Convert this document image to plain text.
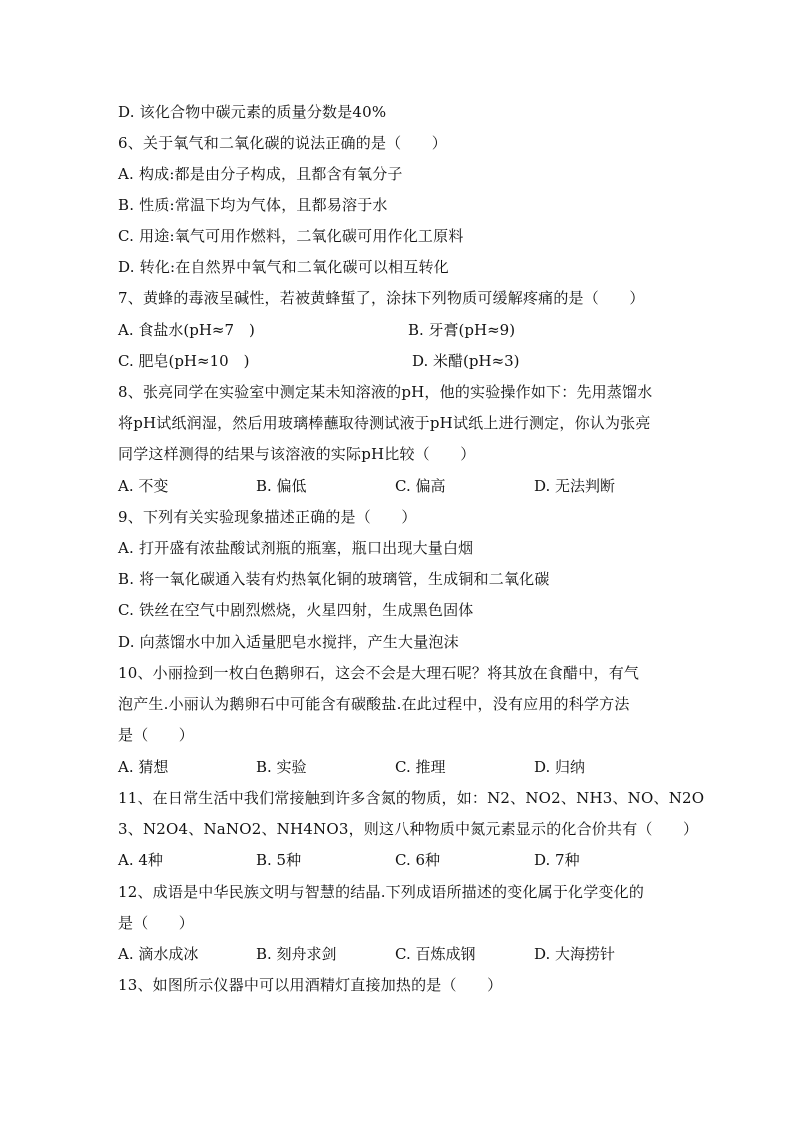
D. 该化合物中碳元素的质量分数是40%
6、关于氧气和二氧化碳的说法正确的是（　　）
A. 构成:都是由分子构成，且都含有氧分子
B. 性质:常温下均为气体，且都易溶于水
C. 用途:氧气可用作燃料，二氧化碳可用作化工原料
D. 转化:在自然界中氧气和二氧化碳可以相互转化
7、黄蜂的毒液呈碱性，若被黄蜂蜇了，涂抹下列物质可缓解疼痛的是（　　）
A. 食盐水(pH≈7　)	B. 牙膏(pH≈9)
C. 肥皂(pH≈10　)	D. 米醋(pH≈3)
8、张亮同学在实验室中测定某未知溶液的pH，他的实验操作如下：先用蒸馏水
将pH试纸润湿，然后用玻璃棒蘸取待测试液于pH试纸上进行测定，你认为张亮
同学这样测得的结果与该溶液的实际pH比较（　　）
A. 不变	B. 偏低	C. 偏高	D. 无法判断
9、下列有关实验现象描述正确的是（　　）
A. 打开盛有浓盐酸试剂瓶的瓶塞，瓶口出现大量白烟
B. 将一氧化碳通入装有灼热氧化铜的玻璃管，生成铜和二氧化碳
C. 铁丝在空气中剧烈燃烧，火星四射，生成黑色固体
D. 向蒸馏水中加入适量肥皂水搅拌，产生大量泡沫
10、小丽捡到一枚白色鹅卵石，这会不会是大理石呢？将其放在食醋中，有气
泡产生.小丽认为鹅卵石中可能含有碳酸盐.在此过程中，没有应用的科学方法
是（　　）
A. 猜想	B. 实验	C. 推理	D. 归纳
11、在日常生活中我们常接触到许多含氮的物质，如：N2、NO2、NH3、NO、N2O
3、N2O4、NaNO2、NH4NO3，则这八种物质中氮元素显示的化合价共有（　　）
A. 4种	B. 5种	C. 6种	D. 7种
12、成语是中华民族文明与智慧的结晶.下列成语所描述的变化属于化学变化的
是（　　）
A. 滴水成冰	B. 刻舟求剑	C. 百炼成钢	D. 大海捞针
13、如图所示仪器中可以用酒精灯直接加热的是（　　）
